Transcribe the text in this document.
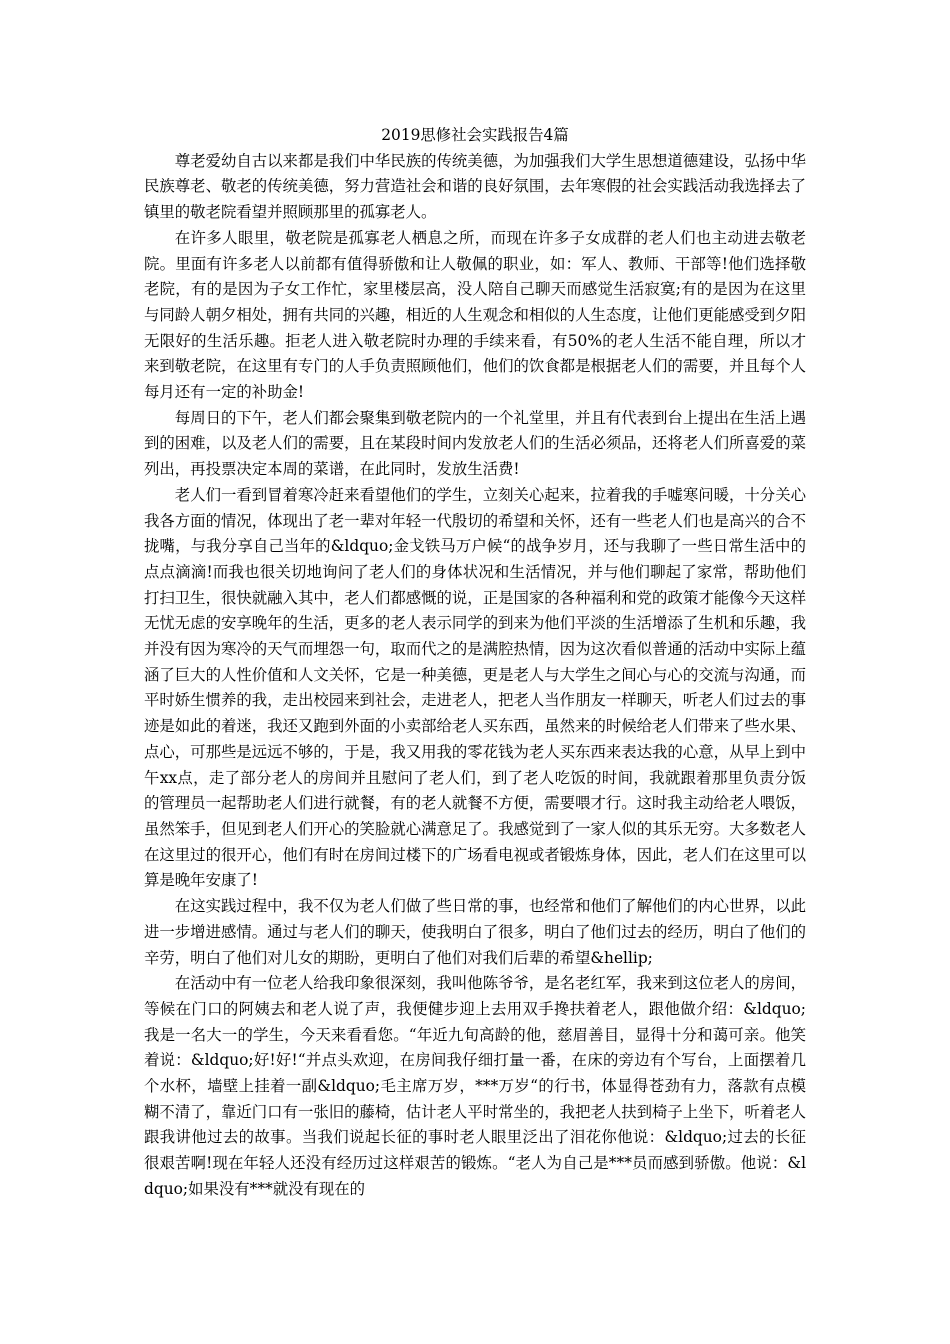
2019思修社会实践报告4篇

尊老爱幼自古以来都是我们中华民族的传统美德，为加强我们大学生思想道德建设，弘扬中华民族尊老、敬老的传统美德，努力营造社会和谐的良好氛围，去年寒假的社会实践活动我选择去了镇里的敬老院看望并照顾那里的孤寡老人。

在许多人眼里，敬老院是孤寡老人栖息之所，而现在许多子女成群的老人们也主动进去敬老院。里面有许多老人以前都有值得骄傲和让人敬佩的职业，如：军人、教师、干部等!他们选择敬老院，有的是因为子女工作忙，家里楼层高，没人陪自己聊天而感觉生活寂寞;有的是因为在这里与同龄人朝夕相处，拥有共同的兴趣，相近的人生观念和相似的人生态度，让他们更能感受到夕阳无限好的生活乐趣。拒老人进入敬老院时办理的手续来看，有50%的老人生活不能自理，所以才来到敬老院，在这里有专门的人手负责照顾他们，他们的饮食都是根据老人们的需要，并且每个人每月还有一定的补助金!

每周日的下午，老人们都会聚集到敬老院内的一个礼堂里，并且有代表到台上提出在生活上遇到的困难，以及老人们的需要，且在某段时间内发放老人们的生活必须品，还将老人们所喜爱的菜列出，再投票决定本周的菜谱，在此同时，发放生活费!

老人们一看到冒着寒冷赶来看望他们的学生，立刻关心起来，拉着我的手嘘寒问暖，十分关心我各方面的情况，体现出了老一辈对年轻一代殷切的希望和关怀，还有一些老人们也是高兴的合不拢嘴，与我分享自己当年的&ldquo;金戈铁马万户候“的战争岁月，还与我聊了一些日常生活中的点点滴滴!而我也很关切地询问了老人们的身体状况和生活情况，并与他们聊起了家常，帮助他们打扫卫生，很快就融入其中，老人们都感慨的说，正是国家的各种福利和党的政策才能像今天这样无忧无虑的安享晚年的生活，更多的老人表示同学的到来为他们平淡的生活增添了生机和乐趣，我并没有因为寒冷的天气而埋怨一句，取而代之的是满腔热情，因为这次看似普通的活动中实际上蕴涵了巨大的人性价值和人文关怀，它是一种美德，更是老人与大学生之间心与心的交流与沟通，而平时娇生惯养的我，走出校园来到社会，走进老人，把老人当作朋友一样聊天，听老人们过去的事迹是如此的着迷，我还又跑到外面的小卖部给老人买东西，虽然来的时候给老人们带来了些水果、点心，可那些是远远不够的，于是，我又用我的零花钱为老人买东西来表达我的心意，从早上到中午xx点，走了部分老人的房间并且慰问了老人们，到了老人吃饭的时间，我就跟着那里负责分饭的管理员一起帮助老人们进行就餐，有的老人就餐不方便，需要喂才行。这时我主动给老人喂饭，虽然笨手，但见到老人们开心的笑脸就心满意足了。我感觉到了一家人似的其乐无穷。大多数老人在这里过的很开心，他们有时在房间过楼下的广场看电视或者锻炼身体，因此，老人们在这里可以算是晚年安康了!

在这实践过程中，我不仅为老人们做了些日常的事，也经常和他们了解他们的内心世界，以此进一步增进感情。通过与老人们的聊天，使我明白了很多，明白了他们过去的经历，明白了他们的辛劳，明白了他们对儿女的期盼，更明白了他们对我们后辈的希望&hellip;

在活动中有一位老人给我印象很深刻，我叫他陈爷爷，是名老红军，我来到这位老人的房间，等候在门口的阿姨去和老人说了声，我便健步迎上去用双手搀扶着老人，跟他做介绍：&ldquo;我是一名大一的学生，今天来看看您。“年近九旬高龄的他，慈眉善目，显得十分和蔼可亲。他笑着说：&ldquo;好!好!“并点头欢迎，在房间我仔细打量一番，在床的旁边有个写台，上面摆着几个水杯，墙壁上挂着一副&ldquo;毛主席万岁，***万岁“的行书，体显得苍劲有力，落款有点模糊不清了，靠近门口有一张旧的藤椅，估计老人平时常坐的，我把老人扶到椅子上坐下，听着老人跟我讲他过去的故事。当我们说起长征的事时老人眼里泛出了泪花你他说：&ldquo;过去的长征很艰苦啊!现在年轻人还没有经历过这样艰苦的锻炼。“老人为自己是***员而感到骄傲。他说：&ldquo;如果没有***就没有现在的
